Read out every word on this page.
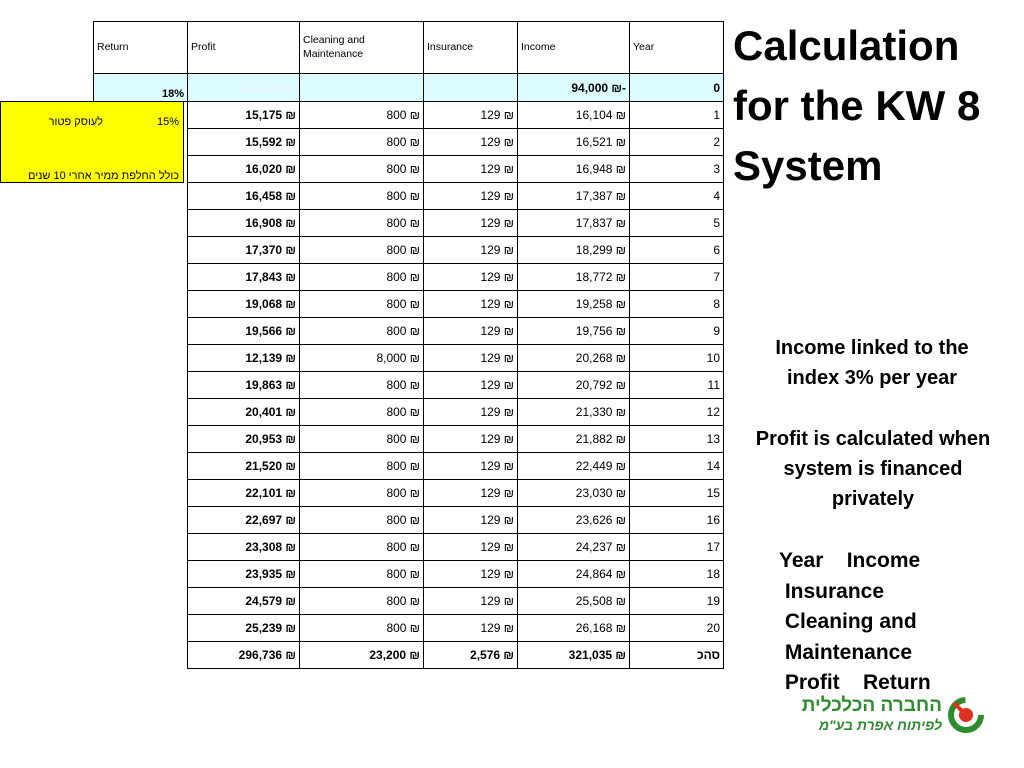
Return	Profit	Cleaning and Maintenance	Insurance	Income	Year
18%	94,000 ₪-			94,000 ₪-	0
	15,175 ₪	800 ₪	129 ₪	16,104 ₪	1
	15,592 ₪	800 ₪	129 ₪	16,521 ₪	2
	16,020 ₪	800 ₪	129 ₪	16,948 ₪	3
	16,458 ₪	800 ₪	129 ₪	17,387 ₪	4
	16,908 ₪	800 ₪	129 ₪	17,837 ₪	5
	17,370 ₪	800 ₪	129 ₪	18,299 ₪	6
	17,843 ₪	800 ₪	129 ₪	18,772 ₪	7
	19,068 ₪	800 ₪	129 ₪	19,258 ₪	8
	19,566 ₪	800 ₪	129 ₪	19,756 ₪	9
	12,139 ₪	8,000 ₪	129 ₪	20,268 ₪	10
	19,863 ₪	800 ₪	129 ₪	20,792 ₪	11
	20,401 ₪	800 ₪	129 ₪	21,330 ₪	12
	20,953 ₪	800 ₪	129 ₪	21,882 ₪	13
	21,520 ₪	800 ₪	129 ₪	22,449 ₪	14
	22,101 ₪	800 ₪	129 ₪	23,030 ₪	15
	22,697 ₪	800 ₪	129 ₪	23,626 ₪	16
	23,308 ₪	800 ₪	129 ₪	24,237 ₪	17
	23,935 ₪	800 ₪	129 ₪	24,864 ₪	18
	24,579 ₪	800 ₪	129 ₪	25,508 ₪	19
	25,239 ₪	800 ₪	129 ₪	26,168 ₪	20
	296,736 ₪	23,200 ₪	2,576 ₪	321,035 ₪	סהכ
15%
לעוסק פטור
כולל החלפת ממיר אחרי 10 שנים
Calculation for the KW 8 System
Income linked to the index 3% per year
Profit is calculated when system is financed privately
Year    Income
Insurance
Cleaning and
Maintenance
Profit    Return
החברה הכלכלית
לפיתוח אפרת בע"מ
